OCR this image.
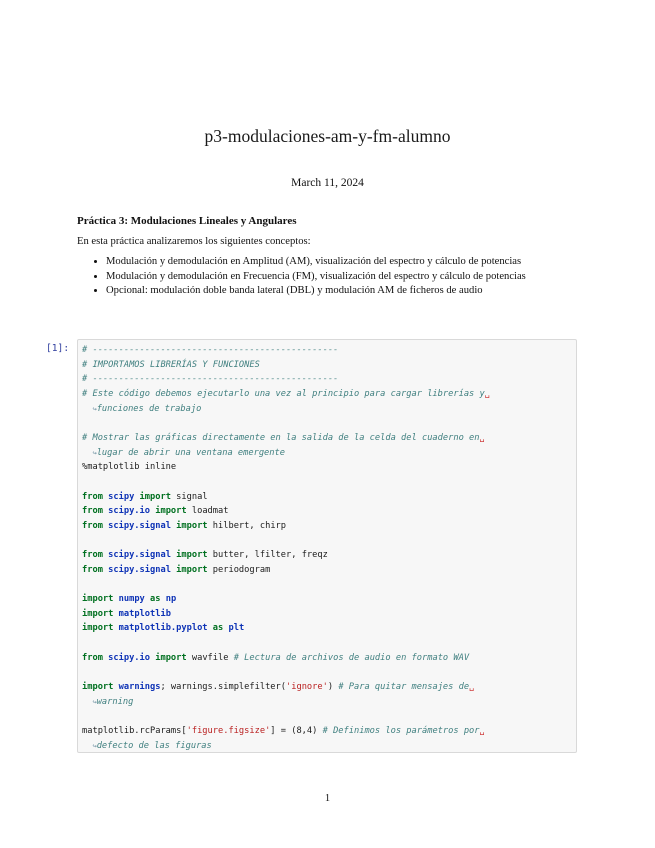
p3-modulaciones-am-y-fm-alumno
March 11, 2024
Práctica 3: Modulaciones Lineales y Angulares

En esta práctica analizaremos los siguientes conceptos:

• Modulación y demodulación en Amplitud (AM), visualización del espectro y cálculo de potencias
• Modulación y demodulación en Frecuencia (FM), visualización del espectro y cálculo de potencias
• Opcional: modulación doble banda lateral (DBL) y modulación AM de ficheros de audio
[1]: # -----------------------------------------------
# IMPORTAMOS LIBRERÍAS Y FUNCIONES
# -----------------------------------------------
# Este código debemos ejecutarlo una vez al principio para cargar librerías y␣
↪funciones de trabajo

# Mostrar las gráficas directamente en la salida de la celda del cuaderno en␣
↪lugar de abrir una ventana emergente
%matplotlib inline

from scipy import signal
from scipy.io import loadmat
from scipy.signal import hilbert, chirp

from scipy.signal import butter, lfilter, freqz
from scipy.signal import periodogram

import numpy as np
import matplotlib
import matplotlib.pyplot as plt

from scipy.io import wavfile # Lectura de archivos de audio en formato WAV

import warnings; warnings.simplefilter('ignore') # Para quitar mensajes de␣
↪warning

matplotlib.rcParams['figure.figsize'] = (8,4) # Definimos los parámetros por␣
↪defecto de las figuras
1
